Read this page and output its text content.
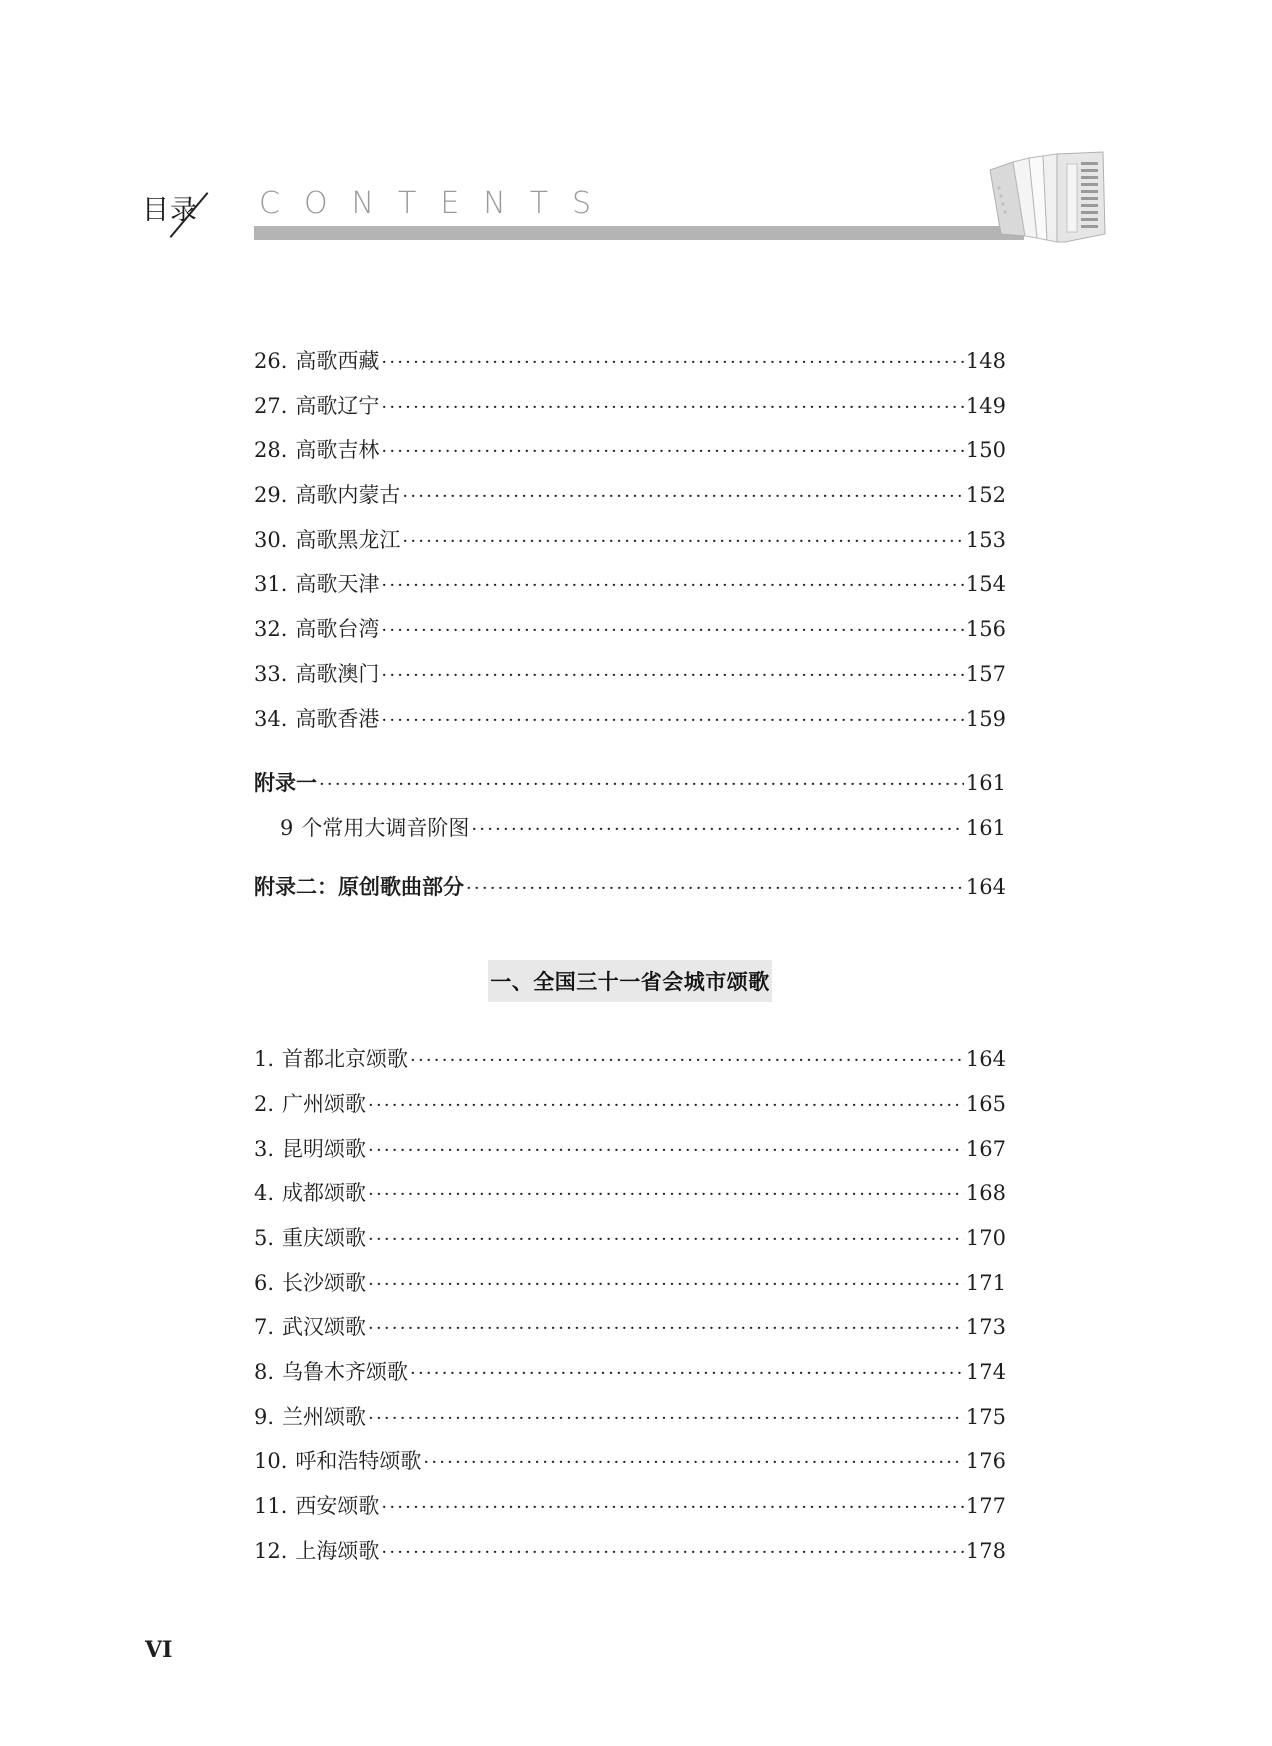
目录 CONTENTS
26. 高歌西藏 ·····	148
27. 高歌辽宁 ·····	149
28. 高歌吉林 ·····	150
29. 高歌内蒙古 ·····	152
30. 高歌黑龙江 ·····	153
31. 高歌天津 ·····	154
32. 高歌台湾 ·····	156
33. 高歌澳门 ·····	157
34. 高歌香港 ·····	159
附录一 ·····	161
9 个常用大调音阶图 ·····	161
附录二：原创歌曲部分 ·····	164
一、全国三十一省会城市颂歌
1. 首都北京颂歌 ·····	164
2. 广州颂歌 ·····	165
3. 昆明颂歌 ·····	167
4. 成都颂歌 ·····	168
5. 重庆颂歌 ·····	170
6. 长沙颂歌 ·····	171
7. 武汉颂歌 ·····	173
8. 乌鲁木齐颂歌 ·····	174
9. 兰州颂歌 ·····	175
10. 呼和浩特颂歌 ·····	176
11. 西安颂歌 ·····	177
12. 上海颂歌 ·····	178
VI
